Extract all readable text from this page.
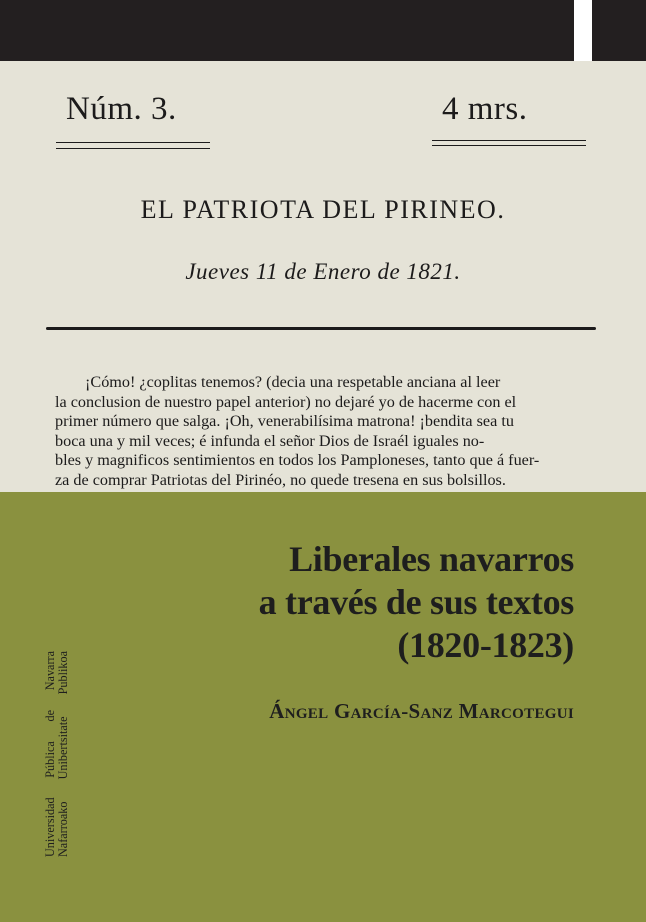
Núm. 3.	4 mrs.
EL PATRIOTA DEL PIRINEO.
Jueves 11 de Enero de 1821.
¡Cómo! ¿coplitas tenemos? (decia una respetable anciana al leer
la conclusion de nuestro papel anterior) no dejaré yo de hacerme con el
primer número que salga. ¡Oh, venerabilísima matrona! ¡bendita sea tu
boca una y mil veces; é infunda el señor Dios de Israél iguales no-
bles y magnificos sentimientos en todos los Pamploneses, tanto que á fuer-
za de comprar Patriotas del Pirinéo, no quede tresena en sus bolsillos.
Liberales navarros
a través de sus textos
(1820-1823)
Ángel García-Sanz Marcotegui
Universidad Pública de Navarra Nafarroako Unibertsitate Publikoa
